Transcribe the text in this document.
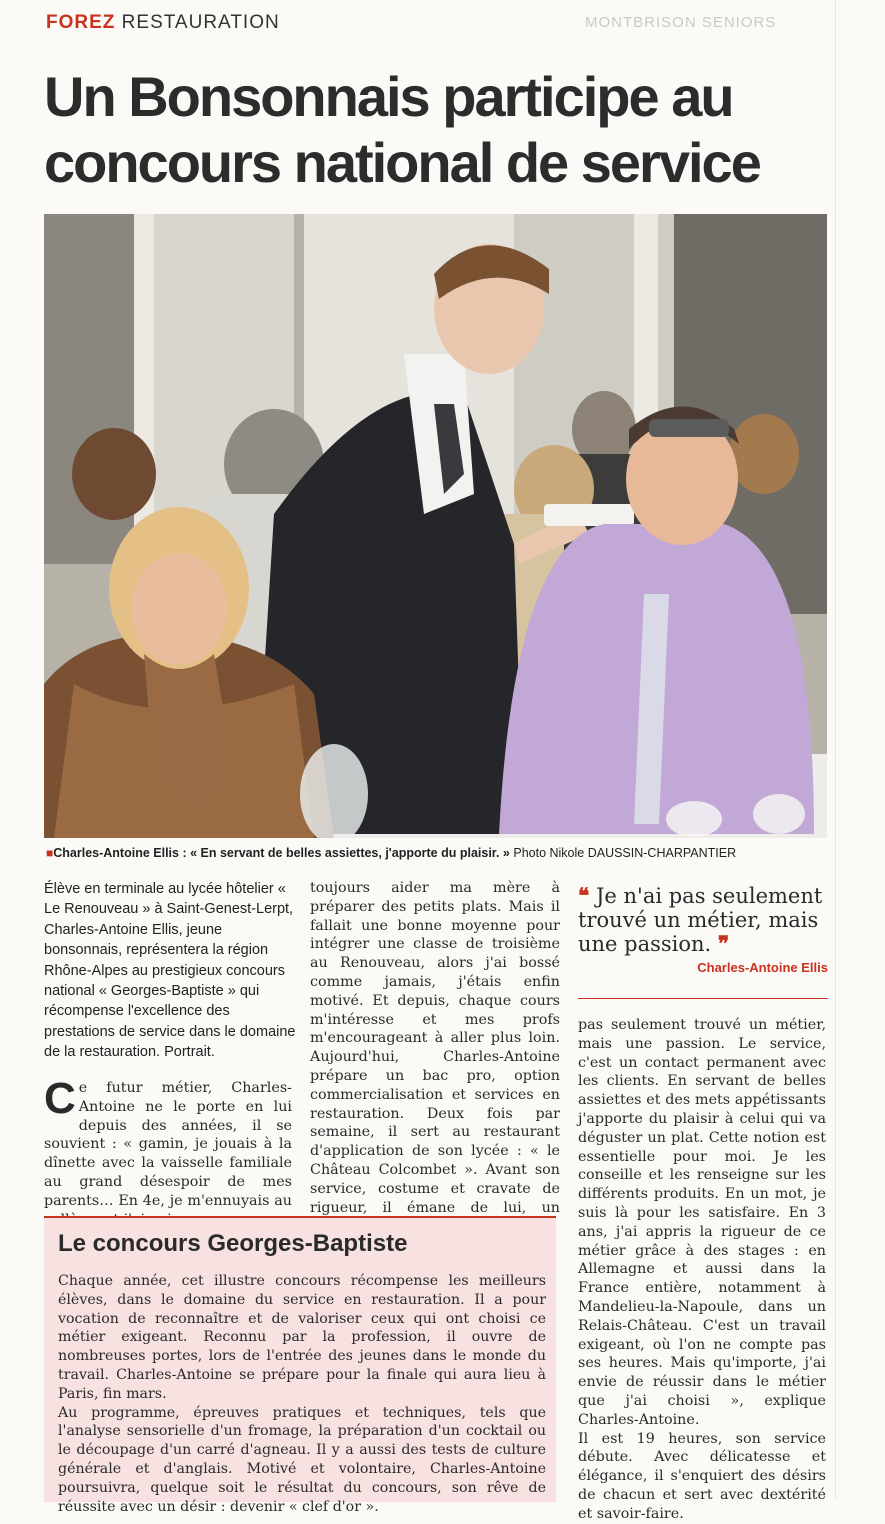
FOREZ RESTAURATION	MONTBRISON SENIORS
Un Bonsonnais participe au concours national de service
■Charles-Antoine Ellis : « En servant de belles assiettes, j'apporte du plaisir. » Photo Nikole DAUSSIN-CHARPANTIER
Élève en terminale au lycée hôtelier « Le Renouveau » à Saint-Genest-Lerpt, Charles-Antoine Ellis, jeune bonsonnais, représentera la région Rhône-Alpes au prestigieux concours national « Georges-Baptiste » qui récompense l'excellence des prestations de service dans le domaine de la restauration. Portrait.
Ce futur métier, Charles-Antoine ne le porte en lui depuis des années, il se souvient : « gamin, je jouais à la dînette avec la vaisselle familiale au grand désespoir de mes parents… En 4e, je m'ennuyais au
toujours aider ma mère à préparer des petits plats. Mais il fallait une bonne moyenne pour intégrer une classe de troisième au Renouveau, alors j'ai bossé comme jamais, j'étais enfin motivé. Et depuis, chaque cours m'intéresse et mes profs m'encourageant à aller plus loin. Aujourd'hui, Charles-Antoine prépare un bac pro, option commercialisation et services en restauration. Deux fois par semaine, il sert au restaurant d'application de son lycée : « le Château Colcombet ». Avant son service, costume et cravate de rigueur, il émane de lui, un
❝ Je n'ai pas seulement trouvé un métier, mais une passion. ❞
Charles-Antoine Ellis
pas seulement trouvé un métier, mais une passion. Le service, c'est un contact permanent avec les clients. En servant de belles assiettes et des mets appétissants j'apporte du plaisir à celui qui va déguster un plat. Cette notion est essentielle pour moi. Je les conseille et les renseigne sur les différents produits. En un mot, je suis là pour les satisfaire. En 3 ans, j'ai appris la rigueur de ce métier grâce à des stages : en Allemagne et aussi dans la France entière, notamment à Mandelieu-la-Napoule, dans un Relais-Château. C'est un travail exigeant, où l'on ne compte pas ses heures. Mais qu'importe, j'ai envie de réussir dans le métier que j'ai choisi », explique Charles-Antoine.
Il est 19 heures, son service débute. Avec délicatesse et élégance, il s'enquiert des désirs de chacun et sert avec dextérité et savoir-faire.
Le concours Georges-Baptiste

Chaque année, cet illustre concours récompense les meilleurs élèves, dans le domaine du service en restauration. Il a pour vocation de reconnaître et de valoriser ceux qui ont choisi ce métier exigeant. Reconnu par la profession, il ouvre de nombreuses portes, lors de l'entrée des jeunes dans le monde du travail. Charles-Antoine se prépare pour la finale qui aura lieu à Paris, fin mars.

Au programme, épreuves pratiques et techniques, tels que l'analyse sensorielle d'un fromage, la préparation d'un cocktail ou le découpage d'un carré d'agneau. Il y a aussi des tests de culture générale et d'anglais. Motivé et volontaire, Charles-Antoine poursuivra, quelque soit le résultat du concours, son rêve de réussite avec un désir : devenir « clef d'or ».
